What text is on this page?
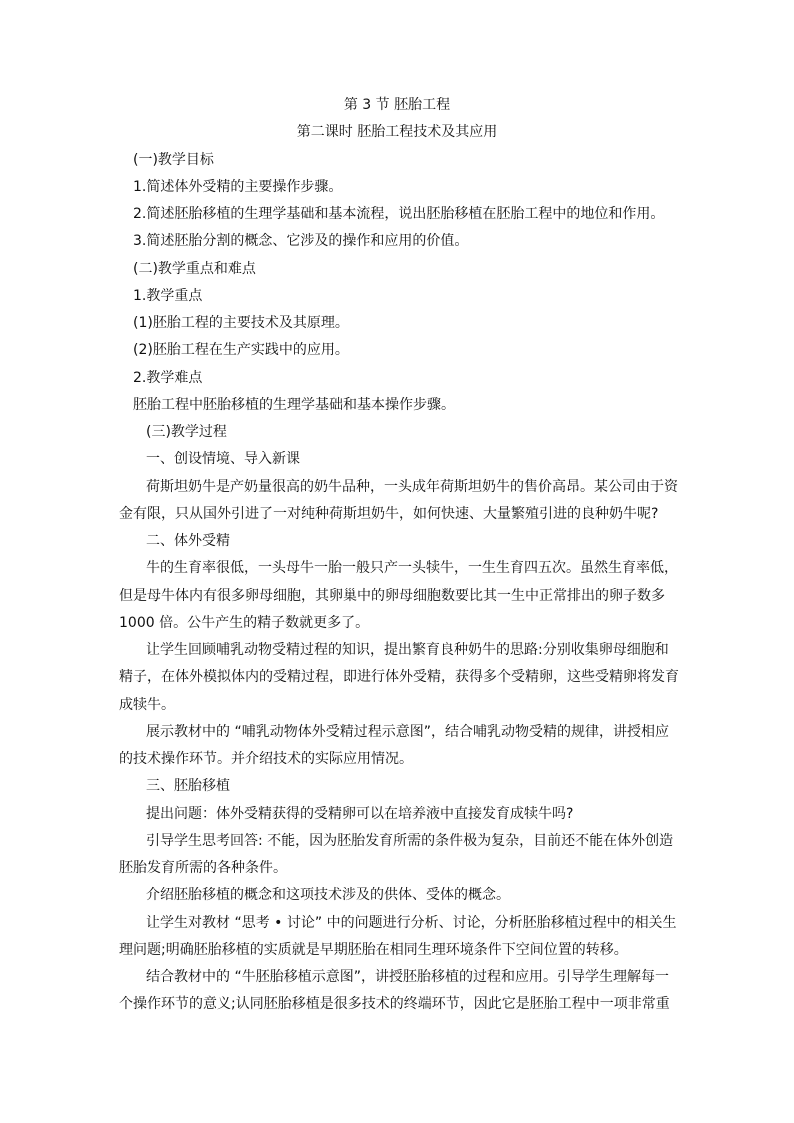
第 3 节 胚胎工程
第二课时 胚胎工程技术及其应用
(一)教学目标
1.简述体外受精的主要操作步骤。
2.简述胚胎移植的生理学基础和基本流程，说出胚胎移植在胚胎工程中的地位和作用。
3.简述胚胎分割的概念、它涉及的操作和应用的价值。
(二)教学重点和难点
1.教学重点
(1)胚胎工程的主要技术及其原理。
(2)胚胎工程在生产实践中的应用。
2.教学难点
胚胎工程中胚胎移植的生理学基础和基本操作步骤。
(三)教学过程
一、创设情境、导入新课
荷斯坦奶牛是产奶量很高的奶牛品种，一头成年荷斯坦奶牛的售价高昂。某公司由于资
金有限，只从国外引进了一对纯种荷斯坦奶牛，如何快速、大量繁殖引进的良种奶牛呢?
二、体外受精
牛的生育率很低，一头母牛一胎一般只产一头犊牛，一生生育四五次。虽然生育率低，
但是母牛体内有很多卵母细胞，其卵巢中的卵母细胞数要比其一生中正常排出的卵子数多
1000 倍。公牛产生的精子数就更多了。
让学生回顾哺乳动物受精过程的知识，提出繁育良种奶牛的思路:分别收集卵母细胞和
精子，在体外模拟体内的受精过程，即进行体外受精，获得多个受精卵，这些受精卵将发育
成犊牛。
展示教材中的 “哺乳动物体外受精过程示意图”，结合哺乳动物受精的规律，讲授相应
的技术操作环节。并介绍技术的实际应用情况。
三、胚胎移植
提出问题：体外受精获得的受精卵可以在培养液中直接发育成犊牛吗?
引导学生思考回答: 不能，因为胚胎发育所需的条件极为复杂，目前还不能在体外创造
胚胎发育所需的各种条件。
介绍胚胎移植的概念和这项技术涉及的供体、受体的概念。
让学生对教材 “思考 • 讨论” 中的问题进行分析、讨论，分析胚胎移植过程中的相关生
理问题;明确胚胎移植的实质就是早期胚胎在相同生理环境条件下空间位置的转移。
结合教材中的 “牛胚胎移植示意图”，讲授胚胎移植的过程和应用。引导学生理解每一
个操作环节的意义;认同胚胎移植是很多技术的终端环节，因此它是胚胎工程中一项非常重
